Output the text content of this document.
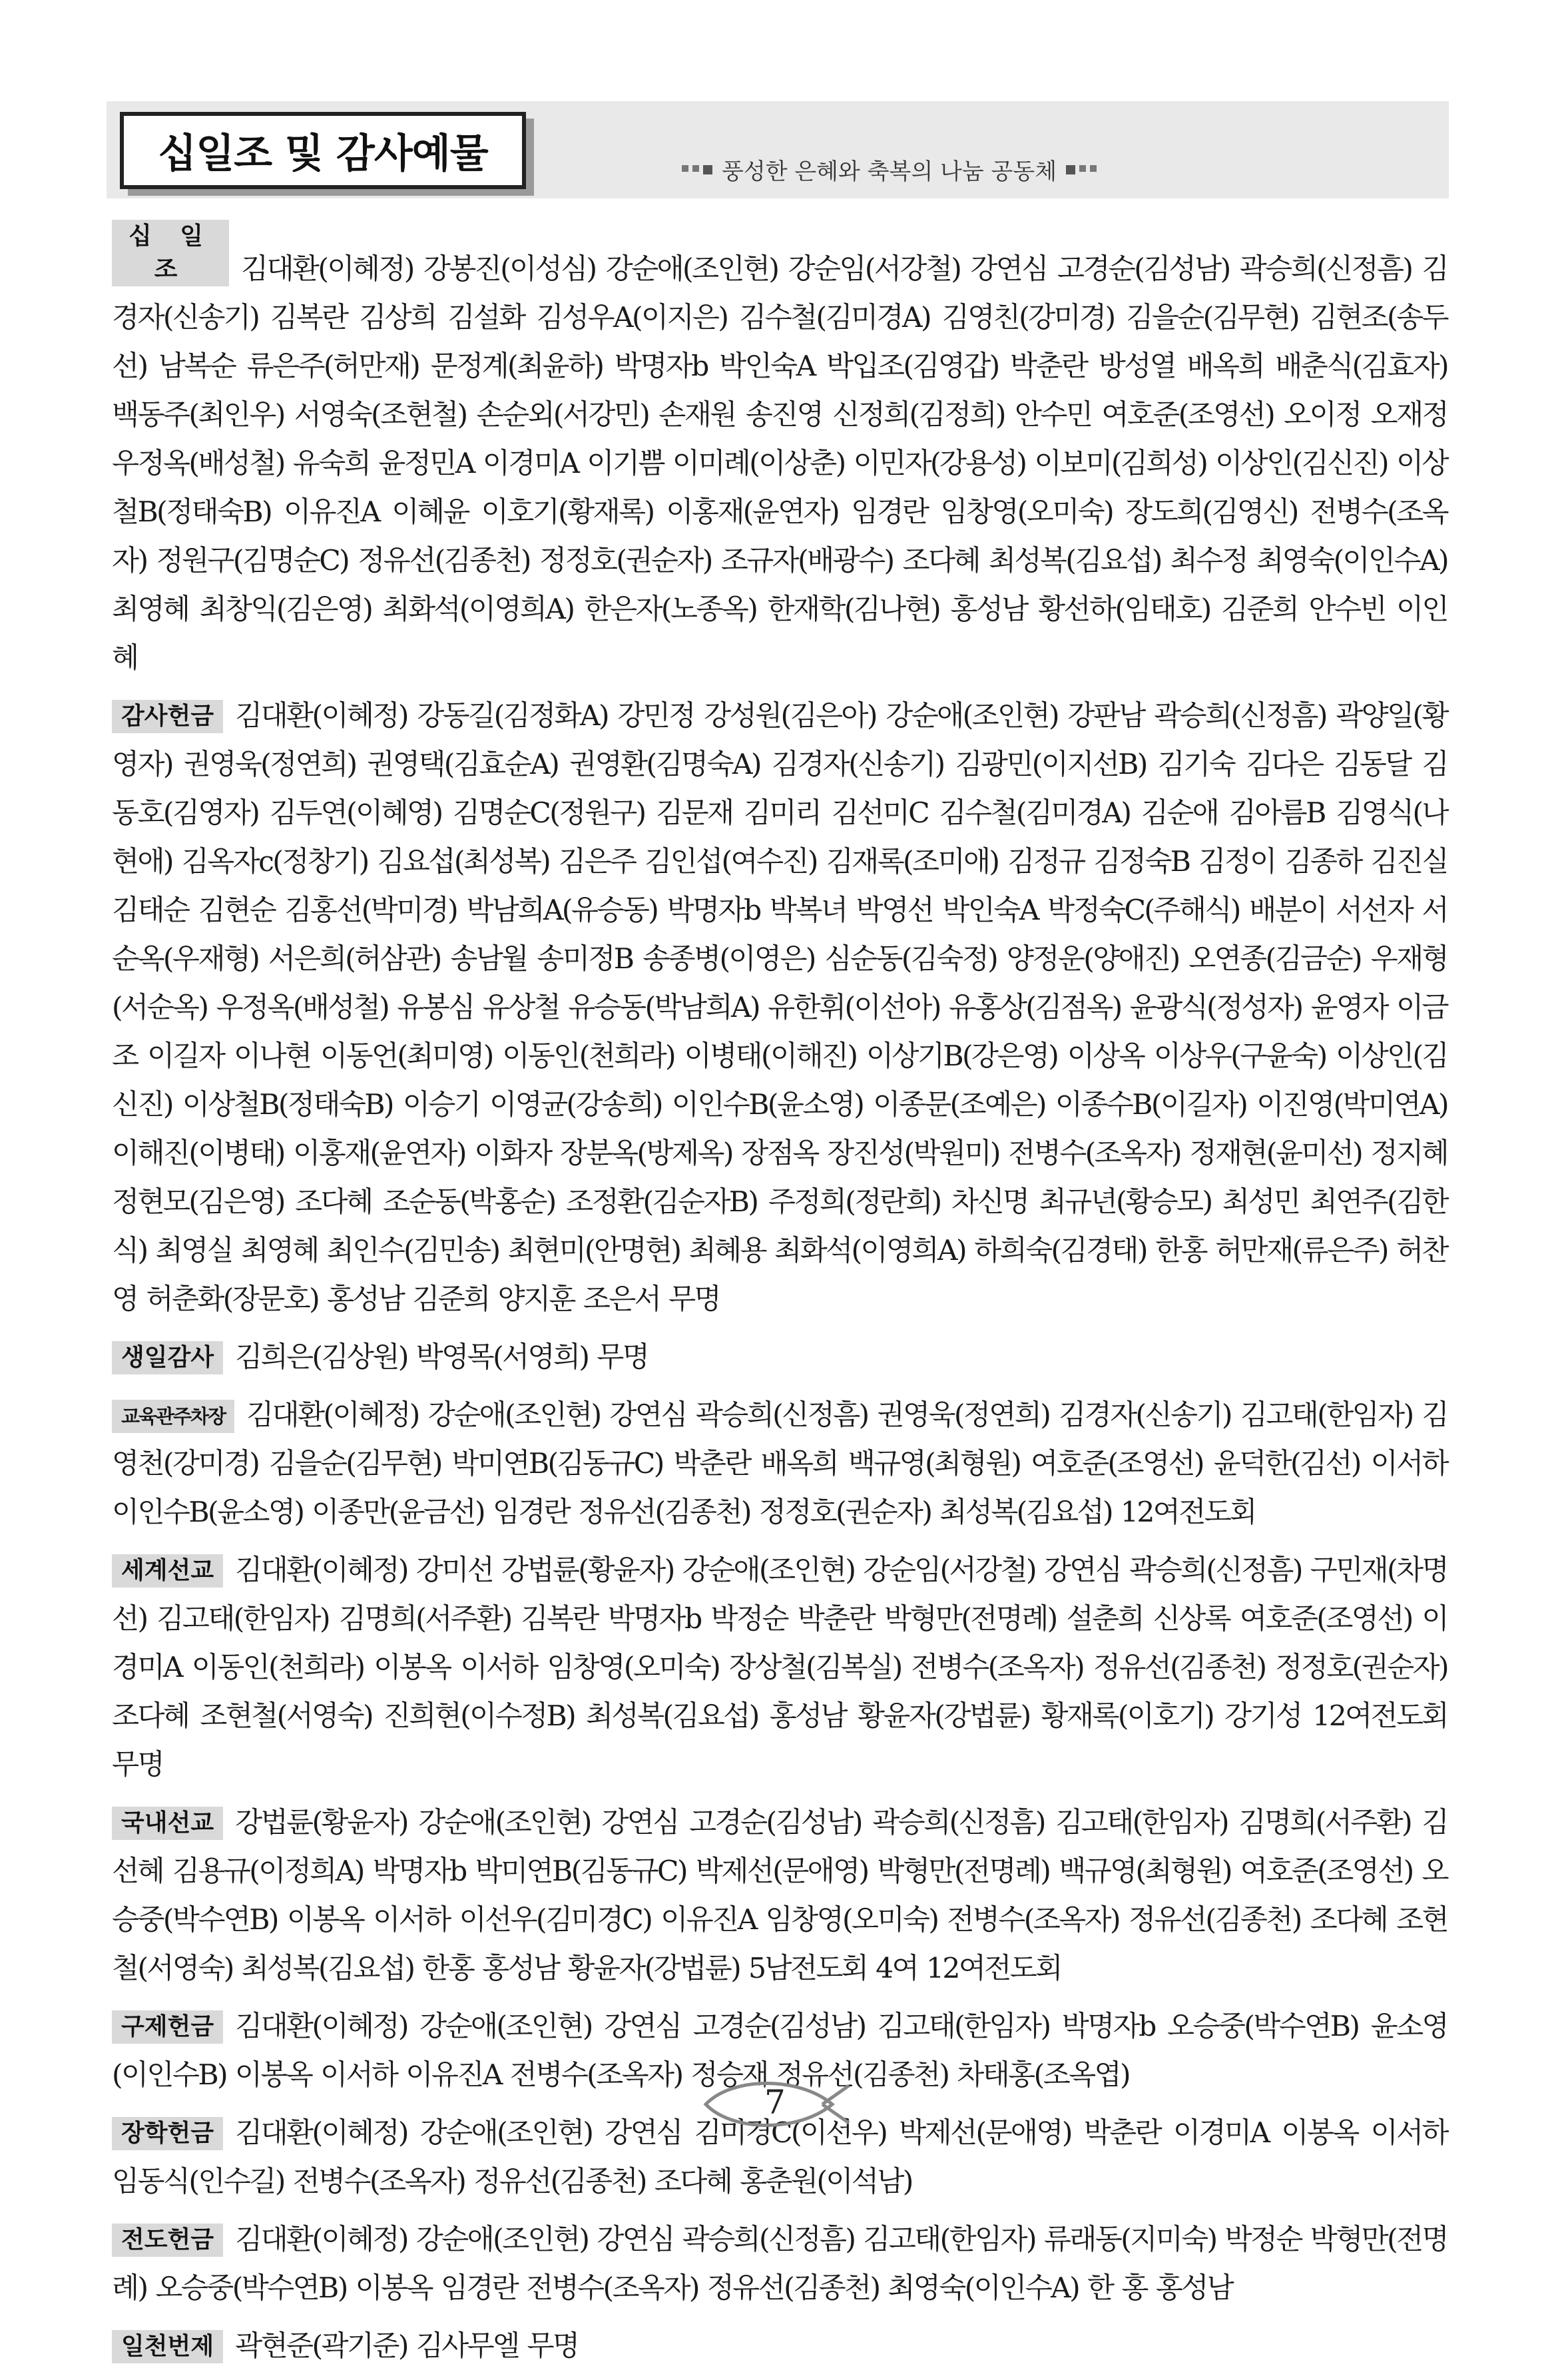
십일조 및 감사예물	풍성한 은혜와 축복의 나눔 공동체

십 일 조 김대환(이혜정) 강봉진(이성심) 강순애(조인현) 강순임(서강철) 강연심 고경순(김성남) 곽승희(신정흠) 김경자(신송기) 김복란 김상희 김설화 김성우A(이지은) 김수철(김미경A) 김영친(강미경) 김을순(김무현) 김현조(송두선) 남복순 류은주(허만재) 문정계(최윤하) 박명자b 박인숙A 박입조(김영갑) 박춘란 방성열 배옥희 배춘식(김효자) 백동주(최인우) 서영숙(조현철) 손순외(서강민) 손재원 송진영 신정희(김정희) 안수민 여호준(조영선) 오이정 오재정 우정옥(배성철) 유숙희 윤정민A 이경미A 이기쁨 이미례(이상춘) 이민자(강용성) 이보미(김희성) 이상인(김신진) 이상철B(정태숙B) 이유진A 이혜윤 이호기(황재록) 이홍재(윤연자) 임경란 임창영(오미숙) 장도희(김영신) 전병수(조옥자) 정원구(김명순C) 정유선(김종천) 정정호(권순자) 조규자(배광수) 조다혜 최성복(김요섭) 최수정 최영숙(이인수A) 최영혜 최창익(김은영) 최화석(이영희A) 한은자(노종옥) 한재학(김나현) 홍성남 황선하(임태호) 김준희 안수빈 이인혜

감사헌금 김대환(이혜정) 강동길(김정화A) 강민정 강성원(김은아) 강순애(조인현) 강판남 곽승희(신정흠) 곽양일(황영자) 권영욱(정연희) 권영택(김효순A) 권영환(김명숙A) 김경자(신송기) 김광민(이지선B) 김기숙 김다은 김동달 김동호(김영자) 김두연(이혜영) 김명순C(정원구) 김문재 김미리 김선미C 김수철(김미경A) 김순애 김아름B 김영식(나현애) 김옥자c(정창기) 김요섭(최성복) 김은주 김인섭(여수진) 김재록(조미애) 김정규 김정숙B 김정이 김종하 김진실 김태순 김현순 김홍선(박미경) 박남희A(유승동) 박명자b 박복녀 박영선 박인숙A 박정숙C(주해식) 배분이 서선자 서순옥(우재형) 서은희(허삼관) 송남월 송미정B 송종병(이영은) 심순동(김숙정) 양정운(양애진) 오연종(김금순) 우재형(서순옥) 우정옥(배성철) 유봉심 유상철 유승동(박남희A) 유한휘(이선아) 유홍상(김점옥) 윤광식(정성자) 윤영자 이금조 이길자 이나현 이동언(최미영) 이동인(천희라) 이병태(이해진) 이상기B(강은영) 이상옥 이상우(구윤숙) 이상인(김신진) 이상철B(정태숙B) 이승기 이영균(강송희) 이인수B(윤소영) 이종문(조예은) 이종수B(이길자) 이진영(박미연A) 이해진(이병태) 이홍재(윤연자) 이화자 장분옥(방제옥) 장점옥 장진성(박원미) 전병수(조옥자) 정재현(윤미선) 정지혜 정현모(김은영) 조다혜 조순동(박홍순) 조정환(김순자B) 주정희(정란희) 차신명 최규년(황승모) 최성민 최연주(김한식) 최영실 최영혜 최인수(김민송) 최현미(안명현) 최혜용 최화석(이영희A) 하희숙(김경태) 한홍 허만재(류은주) 허찬영 허춘화(장문호) 홍성남 김준희 양지훈 조은서 무명

생일감사 김희은(김상원) 박영목(서영희) 무명

교육관주차장 김대환(이혜정) 강순애(조인현) 강연심 곽승희(신정흠) 권영욱(정연희) 김경자(신송기) 김고태(한임자) 김영천(강미경) 김을순(김무현) 박미연B(김동규C) 박춘란 배옥희 백규영(최형원) 여호준(조영선) 윤덕한(김선) 이서하 이인수B(윤소영) 이종만(윤금선) 임경란 정유선(김종천) 정정호(권순자) 최성복(김요섭) 12여전도회

세계선교 김대환(이혜정) 강미선 강법륜(황윤자) 강순애(조인현) 강순임(서강철) 강연심 곽승희(신정흠) 구민재(차명선) 김고태(한임자) 김명희(서주환) 김복란 박명자b 박정순 박춘란 박형만(전명례) 설춘희 신상록 여호준(조영선) 이경미A 이동인(천희라) 이봉옥 이서하 임창영(오미숙) 장상철(김복실) 전병수(조옥자) 정유선(김종천) 정정호(권순자) 조다혜 조현철(서영숙) 진희현(이수정B) 최성복(김요섭) 홍성남 황윤자(강법륜) 황재록(이호기) 강기성 12여전도회 무명

국내선교 강법륜(황윤자) 강순애(조인현) 강연심 고경순(김성남) 곽승희(신정흠) 김고태(한임자) 김명희(서주환) 김선혜 김용규(이정희A) 박명자b 박미연B(김동규C) 박제선(문애영) 박형만(전명례) 백규영(최형원) 여호준(조영선) 오승중(박수연B) 이봉옥 이서하 이선우(김미경C) 이유진A 임창영(오미숙) 전병수(조옥자) 정유선(김종천) 조다혜 조현철(서영숙) 최성복(김요섭) 한홍 홍성남 황윤자(강법륜) 5남전도회 4여 12여전도회

구제헌금 김대환(이혜정) 강순애(조인현) 강연심 고경순(김성남) 김고태(한임자) 박명자b 오승중(박수연B) 윤소영(이인수B) 이봉옥 이서하 이유진A 전병수(조옥자) 정승재 정유선(김종천) 차태홍(조옥엽)

장학헌금 김대환(이혜정) 강순애(조인현) 강연심 김미경C(이선우) 박제선(문애영) 박춘란 이경미A 이봉옥 이서하 임동식(인수길) 전병수(조옥자) 정유선(김종천) 조다혜 홍춘원(이석남)

전도헌금 김대환(이혜정) 강순애(조인현) 강연심 곽승희(신정흠) 김고태(한임자) 류래동(지미숙) 박정순 박형만(전명례) 오승중(박수연B) 이봉옥 임경란 전병수(조옥자) 정유선(김종천) 최영숙(이인수A) 한 홍 홍성남

일천번제 곽현준(곽기준) 김사무엘 무명

7
